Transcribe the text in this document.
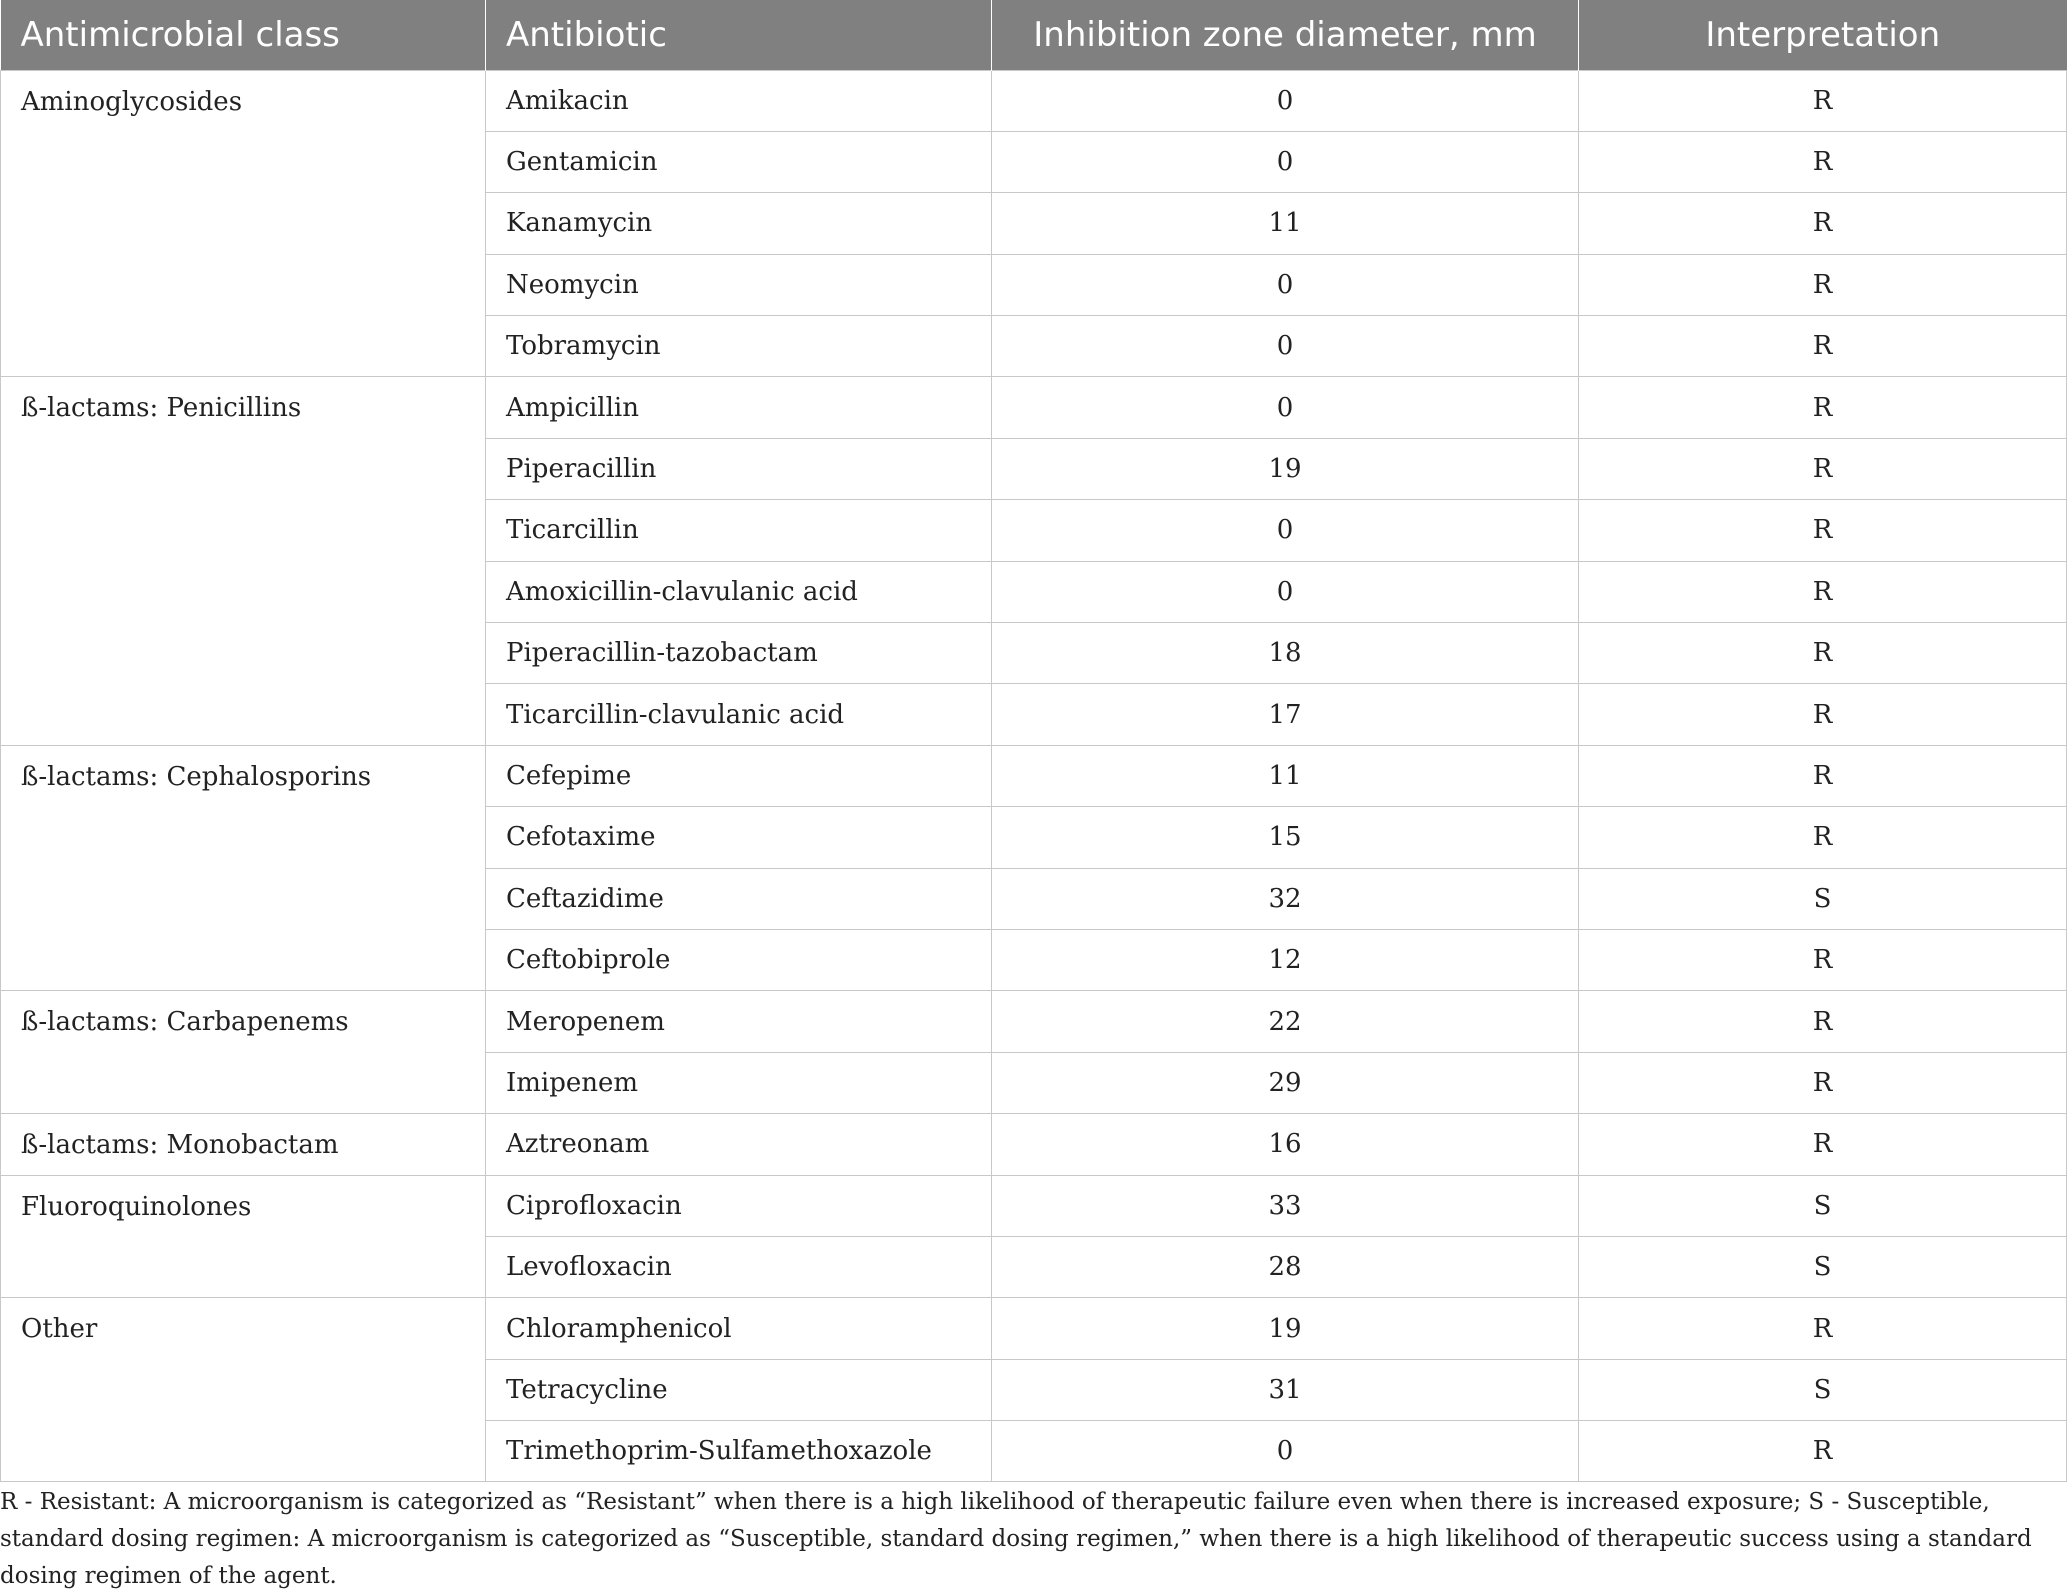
Antimicrobial class	Antibiotic	Inhibition zone diameter, mm	Interpretation
Aminoglycosides	Amikacin	0	R
	Gentamicin	0	R
	Kanamycin	11	R
	Neomycin	0	R
	Tobramycin	0	R
ß-lactams: Penicillins	Ampicillin	0	R
	Piperacillin	19	R
	Ticarcillin	0	R
	Amoxicillin-clavulanic acid	0	R
	Piperacillin-tazobactam	18	R
	Ticarcillin-clavulanic acid	17	R
ß-lactams: Cephalosporins	Cefepime	11	R
	Cefotaxime	15	R
	Ceftazidime	32	S
	Ceftobiprole	12	R
ß-lactams: Carbapenems	Meropenem	22	R
	Imipenem	29	R
ß-lactams: Monobactam	Aztreonam	16	R
Fluoroquinolones	Ciprofloxacin	33	S
	Levofloxacin	28	S
Other	Chloramphenicol	19	R
	Tetracycline	31	S
	Trimethoprim-Sulfamethoxazole	0	R

R - Resistant: A microorganism is categorized as “Resistant” when there is a high likelihood of therapeutic failure even when there is increased exposure; S - Susceptible, standard dosing regimen: A microorganism is categorized as “Susceptible, standard dosing regimen,” when there is a high likelihood of therapeutic success using a standard dosing regimen of the agent.
